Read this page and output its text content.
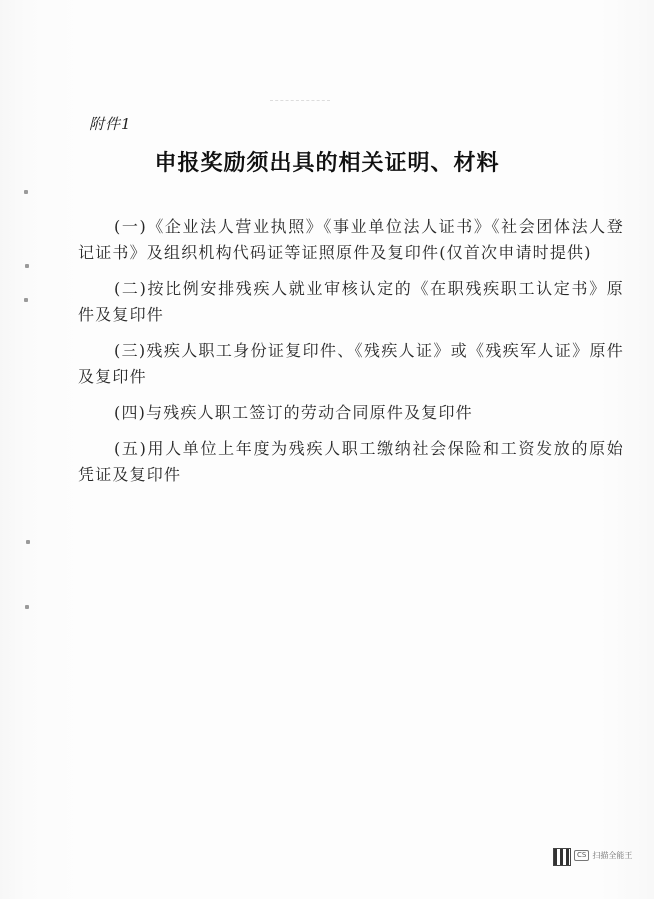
附件1
申报奖励须出具的相关证明、材料

(一)《企业法人营业执照》《事业单位法人证书》《社会团体法人登记证书》及组织机构代码证等证照原件及复印件(仅首次申请时提供)

(二)按比例安排残疾人就业审核认定的《在职残疾职工认定书》原件及复印件

(三)残疾人职工身份证复印件、《残疾人证》或《残疾军人证》原件及复印件

(四)与残疾人职工签订的劳动合同原件及复印件

(五)用人单位上年度为残疾人职工缴纳社会保险和工资发放的原始凭证及复印件

CS 扫描全能王
